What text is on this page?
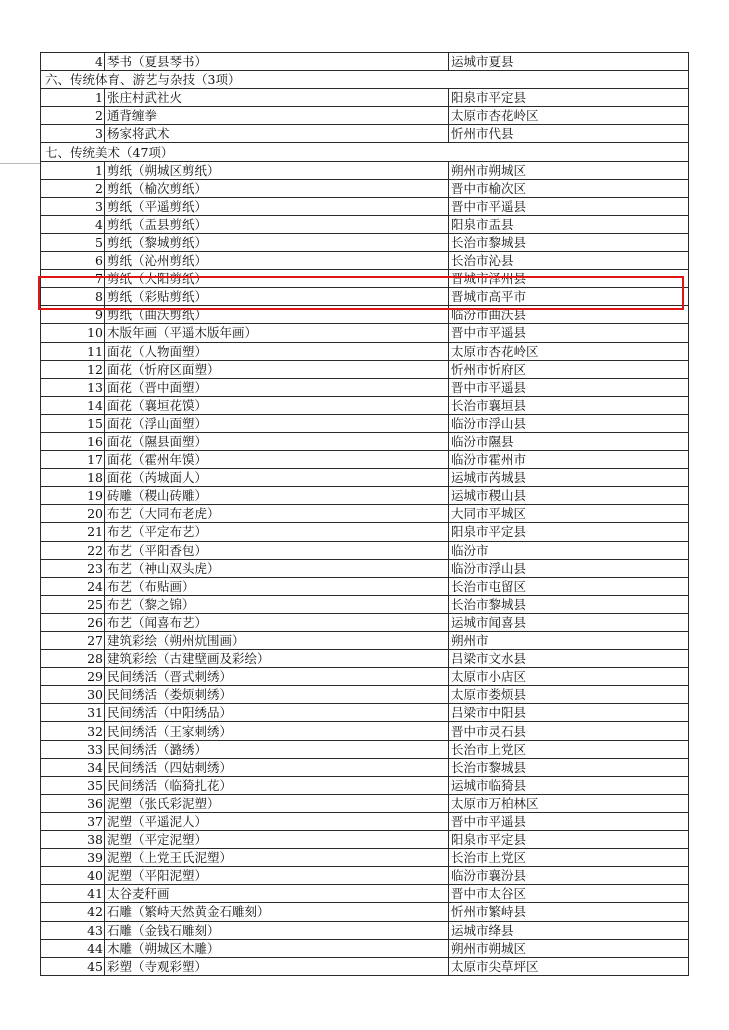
4	琴书（夏县琴书）	运城市夏县
六、传统体育、游艺与杂技（3项）		
1	张庄村武社火	阳泉市平定县
2	通背缠拳	太原市杏花岭区
3	杨家将武术	忻州市代县
七、传统美术（47项）		
1	剪纸（朔城区剪纸）	朔州市朔城区
2	剪纸（榆次剪纸）	晋中市榆次区
3	剪纸（平遥剪纸）	晋中市平遥县
4	剪纸（盂县剪纸）	阳泉市盂县
5	剪纸（黎城剪纸）	长治市黎城县
6	剪纸（沁州剪纸）	长治市沁县
7	剪纸（大阳剪纸）	晋城市泽州县
8	剪纸（彩贴剪纸）	晋城市高平市
9	剪纸（曲沃剪纸）	临汾市曲沃县
10	木版年画（平遥木版年画）	晋中市平遥县
11	面花（人物面塑）	太原市杏花岭区
12	面花（忻府区面塑）	忻州市忻府区
13	面花（晋中面塑）	晋中市平遥县
14	面花（襄垣花馍）	长治市襄垣县
15	面花（浮山面塑）	临汾市浮山县
16	面花（隰县面塑）	临汾市隰县
17	面花（霍州年馍）	临汾市霍州市
18	面花（芮城面人）	运城市芮城县
19	砖雕（稷山砖雕）	运城市稷山县
20	布艺（大同布老虎）	大同市平城区
21	布艺（平定布艺）	阳泉市平定县
22	布艺（平阳香包）	临汾市
23	布艺（神山双头虎）	临汾市浮山县
24	布艺（布贴画）	长治市屯留区
25	布艺（黎之锦）	长治市黎城县
26	布艺（闻喜布艺）	运城市闻喜县
27	建筑彩绘（朔州炕围画）	朔州市
28	建筑彩绘（古建壁画及彩绘）	吕梁市文水县
29	民间绣活（晋式刺绣）	太原市小店区
30	民间绣活（娄烦刺绣）	太原市娄烦县
31	民间绣活（中阳绣品）	吕梁市中阳县
32	民间绣活（王家刺绣）	晋中市灵石县
33	民间绣活（潞绣）	长治市上党区
34	民间绣活（四姑刺绣）	长治市黎城县
35	民间绣活（临猗扎花）	运城市临猗县
36	泥塑（张氏彩泥塑）	太原市万柏林区
37	泥塑（平遥泥人）	晋中市平遥县
38	泥塑（平定泥塑）	阳泉市平定县
39	泥塑（上党王氏泥塑）	长治市上党区
40	泥塑（平阳泥塑）	临汾市襄汾县
41	太谷麦秆画	晋中市太谷区
42	石雕（繁峙天然黄金石雕刻）	忻州市繁峙县
43	石雕（金钱石雕刻）	运城市绛县
44	木雕（朔城区木雕）	朔州市朔城区
45	彩塑（寺观彩塑）	太原市尖草坪区
